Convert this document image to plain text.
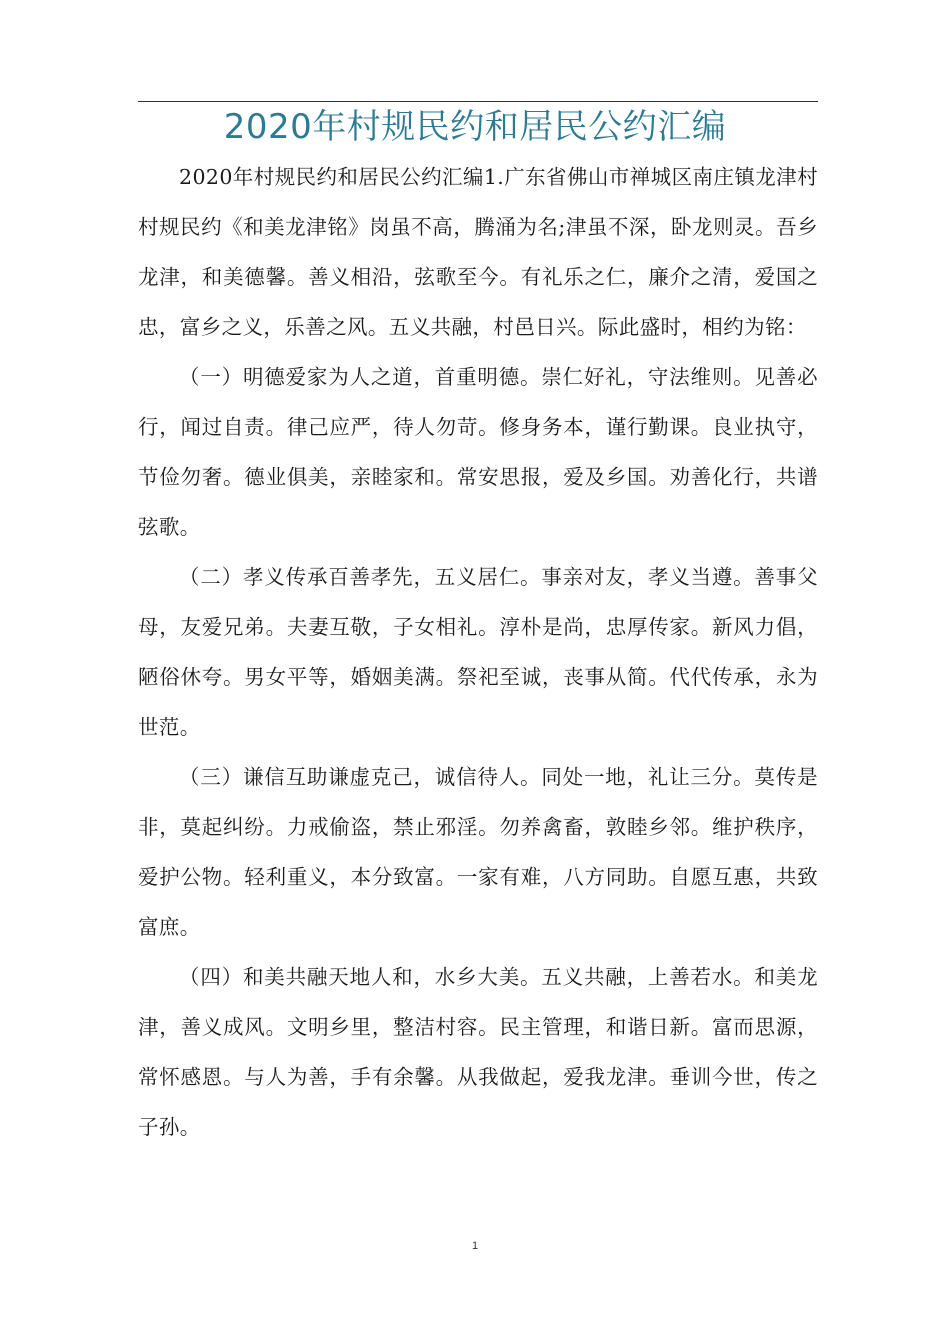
2020年村规民约和居民公约汇编

2020年村规民约和居民公约汇编1.广东省佛山市禅城区南庄镇龙津村村规民约《和美龙津铭》岗虽不高，腾涌为名;津虽不深，卧龙则灵。吾乡龙津，和美德馨。善义相沿，弦歌至今。有礼乐之仁，廉介之清，爱国之忠，富乡之义，乐善之风。五义共融，村邑日兴。际此盛时，相约为铭：

（一）明德爱家为人之道，首重明德。崇仁好礼，守法维则。见善必行，闻过自责。律己应严，待人勿苛。修身务本，谨行勤课。良业执守，节俭勿奢。德业俱美，亲睦家和。常安思报，爱及乡国。劝善化行，共谱弦歌。

（二）孝义传承百善孝先，五义居仁。事亲对友，孝义当遵。善事父母，友爱兄弟。夫妻互敬，子女相礼。淳朴是尚，忠厚传家。新风力倡，陋俗休夸。男女平等，婚姻美满。祭祀至诚，丧事从简。代代传承，永为世范。

（三）谦信互助谦虚克己，诚信待人。同处一地，礼让三分。莫传是非，莫起纠纷。力戒偷盗，禁止邪淫。勿养禽畜，敦睦乡邻。维护秩序，爱护公物。轻利重义，本分致富。一家有难，八方同助。自愿互惠，共致富庶。

（四）和美共融天地人和，水乡大美。五义共融，上善若水。和美龙津，善义成风。文明乡里，整洁村容。民主管理，和谐日新。富而思源，常怀感恩。与人为善，手有余馨。从我做起，爱我龙津。垂训今世，传之子孙。

1
